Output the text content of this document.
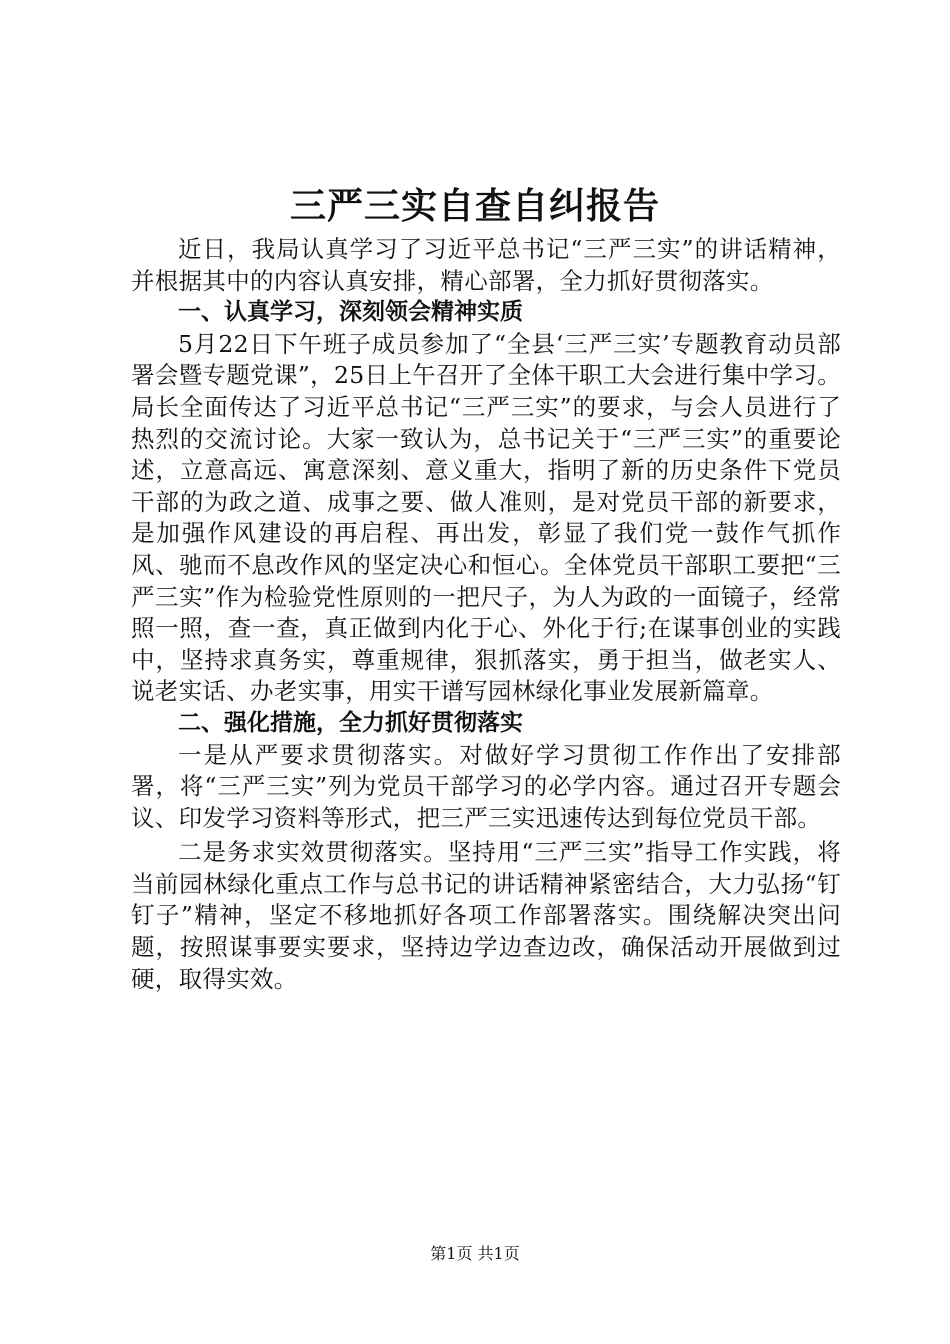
三严三实自查自纠报告

近日，我局认真学习了习近平总书记“三严三实”的讲话精神，并根据其中的内容认真安排，精心部署，全力抓好贯彻落实。

一、认真学习，深刻领会精神实质

5月22日下午班子成员参加了“全县‘三严三实’专题教育动员部署会暨专题党课”，25日上午召开了全体干职工大会进行集中学习。局长全面传达了习近平总书记“三严三实”的要求，与会人员进行了热烈的交流讨论。大家一致认为，总书记关于“三严三实”的重要论述，立意高远、寓意深刻、意义重大，指明了新的历史条件下党员干部的为政之道、成事之要、做人准则，是对党员干部的新要求，是加强作风建设的再启程、再出发，彰显了我们党一鼓作气抓作风、驰而不息改作风的坚定决心和恒心。全体党员干部职工要把“三严三实”作为检验党性原则的一把尺子，为人为政的一面镜子，经常照一照，查一查，真正做到内化于心、外化于行;在谋事创业的实践中，坚持求真务实，尊重规律，狠抓落实，勇于担当，做老实人、说老实话、办老实事，用实干谱写园林绿化事业发展新篇章。

二、强化措施，全力抓好贯彻落实

一是从严要求贯彻落实。对做好学习贯彻工作作出了安排部署，将“三严三实”列为党员干部学习的必学内容。通过召开专题会议、印发学习资料等形式，把三严三实迅速传达到每位党员干部。

二是务求实效贯彻落实。坚持用“三严三实”指导工作实践，将当前园林绿化重点工作与总书记的讲话精神紧密结合，大力弘扬“钉钉子”精神，坚定不移地抓好各项工作部署落实。围绕解决突出问题，按照谋事要实要求，坚持边学边查边改，确保活动开展做到过硬，取得实效。

第1页 共1页
